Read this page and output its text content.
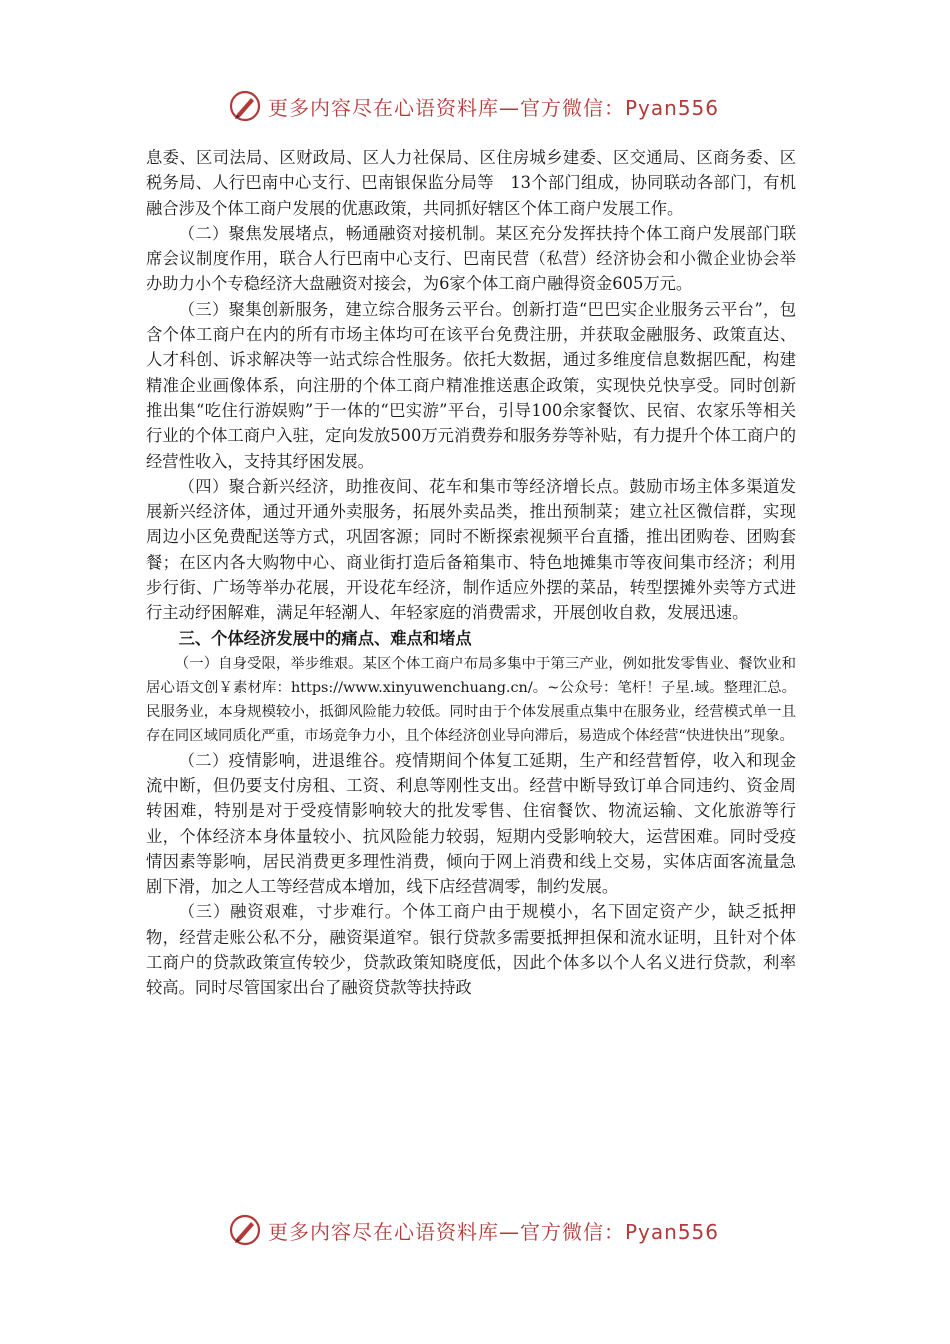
更多内容尽在心语资料库—官方微信：Pyan556

息委、区司法局、区财政局、区人力社保局、区住房城乡建委、区交通局、区商务委、区税务局、人行巴南中心支行、巴南银保监分局等　13个部门组成，协同联动各部门，有机融合涉及个体工商户发展的优惠政策，共同抓好辖区个体工商户发展工作。

（二）聚焦发展堵点，畅通融资对接机制。某区充分发挥扶持个体工商户发展部门联席会议制度作用，联合人行巴南中心支行、巴南民营（私营）经济协会和小微企业协会举办助力小个专稳经济大盘融资对接会，为6家个体工商户融得资金605万元。

（三）聚集创新服务，建立综合服务云平台。创新打造“巴巴实企业服务云平台”，包含个体工商户在内的所有市场主体均可在该平台免费注册，并获取金融服务、政策直达、人才科创、诉求解决等一站式综合性服务。依托大数据，通过多维度信息数据匹配，构建精准企业画像体系，向注册的个体工商户精准推送惠企政策，实现快兑快享受。同时创新推出集“吃住行游娱购”于一体的“巴实游”平台，引导100余家餐饮、民宿、农家乐等相关行业的个体工商户入驻，定向发放500万元消费券和服务券等补贴，有力提升个体工商户的经营性收入，支持其纾困发展。

（四）聚合新兴经济，助推夜间、花车和集市等经济增长点。鼓励市场主体多渠道发展新兴经济体，通过开通外卖服务，拓展外卖品类，推出预制菜；建立社区微信群，实现周边小区免费配送等方式，巩固客源；同时不断探索视频平台直播，推出团购卷、团购套餐；在区内各大购物中心、商业街打造后备箱集市、特色地摊集市等夜间集市经济；利用步行街、广场等举办花展，开设花车经济，制作适应外摆的菜品，转型摆摊外卖等方式进行主动纾困解难，满足年轻潮人、年轻家庭的消费需求，开展创收自救，发展迅速。

三、个体经济发展中的痛点、难点和堵点

（一）自身受限，举步维艰。某区个体工商户布局多集中于第三产业，例如批发零售业、餐饮业和居心语文创￥素材库：https://www.xinyuwenchuang.cn/。~公众号：笔杆！子星.域。整理汇总。民服务业，本身规模较小，抵御风险能力较低。同时由于个体发展重点集中在服务业，经营模式单一且存在同区域同质化严重，市场竞争力小，且个体经济创业导向滞后，易造成个体经营“快进快出”现象。

（二）疫情影响，进退维谷。疫情期间个体复工延期，生产和经营暂停，收入和现金流中断，但仍要支付房租、工资、利息等刚性支出。经营中断导致订单合同违约、资金周转困难，特别是对于受疫情影响较大的批发零售、住宿餐饮、物流运输、文化旅游等行业，个体经济本身体量较小、抗风险能力较弱，短期内受影响较大，运营困难。同时受疫情因素等影响，居民消费更多理性消费，倾向于网上消费和线上交易，实体店面客流量急剧下滑，加之人工等经营成本增加，线下店经营凋零，制约发展。

（三）融资艰难，寸步难行。个体工商户由于规模小，名下固定资产少，缺乏抵押物，经营走账公私不分，融资渠道窄。银行贷款多需要抵押担保和流水证明，且针对个体工商户的贷款政策宣传较少，贷款政策知晓度低，因此个体多以个人名义进行贷款，利率较高。同时尽管国家出台了融资贷款等扶持政

更多内容尽在心语资料库—官方微信：Pyan556
